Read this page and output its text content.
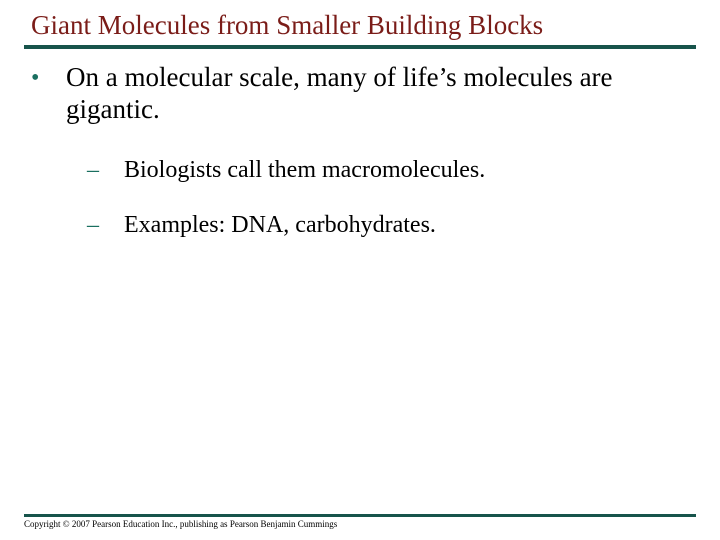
Giant Molecules from Smaller Building Blocks
• On a molecular scale, many of life’s molecules are gigantic.
– Biologists call them macromolecules.
– Examples: DNA, carbohydrates.
Copyright © 2007 Pearson Education Inc., publishing as Pearson Benjamin Cummings
